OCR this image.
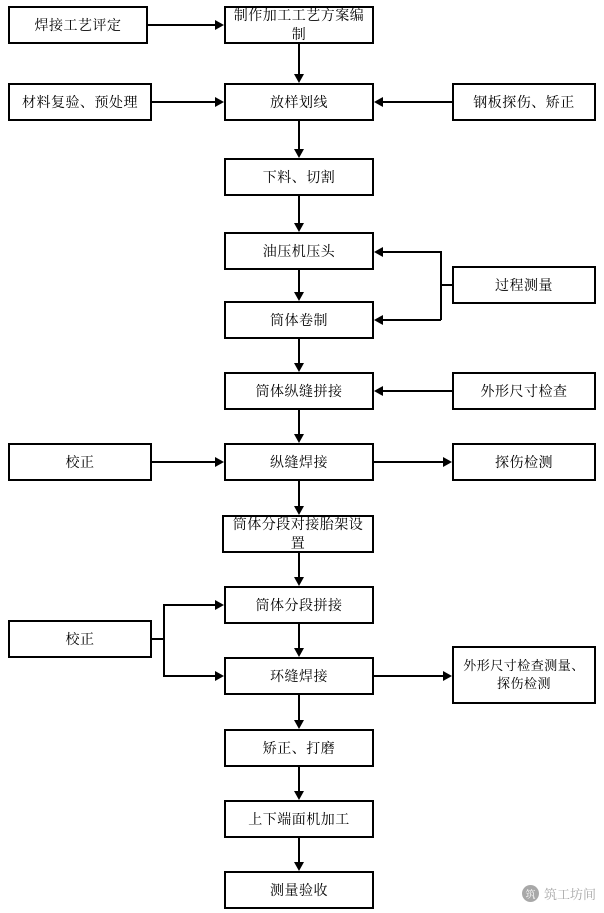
焊接工艺评定
制作加工工艺方案编制
材料复验、预处理	放样划线	钢板探伤、矫正
下料、切割
油压机压头
过程测量
筒体卷制
筒体纵缝拼接	外形尺寸检查
校正	纵缝焊接	探伤检测
筒体分段对接胎架设置
筒体分段拼接
校正
环缝焊接
外形尺寸检查测量、探伤检测
矫正、打磨
上下端面机加工
测量验收	筑 筑工坊间
